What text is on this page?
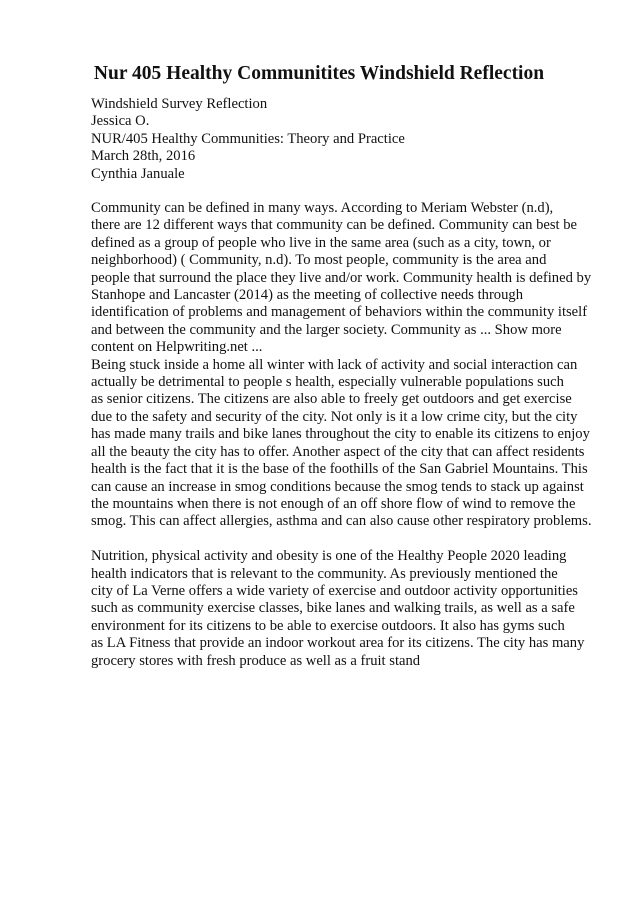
Nur 405 Healthy Communitites Windshield Reflection
Windshield Survey Reflection
Jessica O.
NUR/405 Healthy Communities: Theory and Practice
March 28th, 2016
Cynthia Januale
Community can be defined in many ways. According to Meriam Webster (n.d),
there are 12 different ways that community can be defined. Community can best be
defined as a group of people who live in the same area (such as a city, town, or
neighborhood) ( Community, n.d). To most people, community is the area and
people that surround the place they live and/or work. Community health is defined by
Stanhope and Lancaster (2014) as the meeting of collective needs through
identification of problems and management of behaviors within the community itself
and between the community and the larger society. Community as ... Show more
content on Helpwriting.net ...
Being stuck inside a home all winter with lack of activity and social interaction can
actually be detrimental to people s health, especially vulnerable populations such
as senior citizens. The citizens are also able to freely get outdoors and get exercise
due to the safety and security of the city. Not only is it a low crime city, but the city
has made many trails and bike lanes throughout the city to enable its citizens to enjoy
all the beauty the city has to offer. Another aspect of the city that can affect residents
health is the fact that it is the base of the foothills of the San Gabriel Mountains. This
can cause an increase in smog conditions because the smog tends to stack up against
the mountains when there is not enough of an off shore flow of wind to remove the
smog. This can affect allergies, asthma and can also cause other respiratory problems.
Nutrition, physical activity and obesity is one of the Healthy People 2020 leading
health indicators that is relevant to the community. As previously mentioned the
city of La Verne offers a wide variety of exercise and outdoor activity opportunities
such as community exercise classes, bike lanes and walking trails, as well as a safe
environment for its citizens to be able to exercise outdoors. It also has gyms such
as LA Fitness that provide an indoor workout area for its citizens. The city has many
grocery stores with fresh produce as well as a fruit stand
